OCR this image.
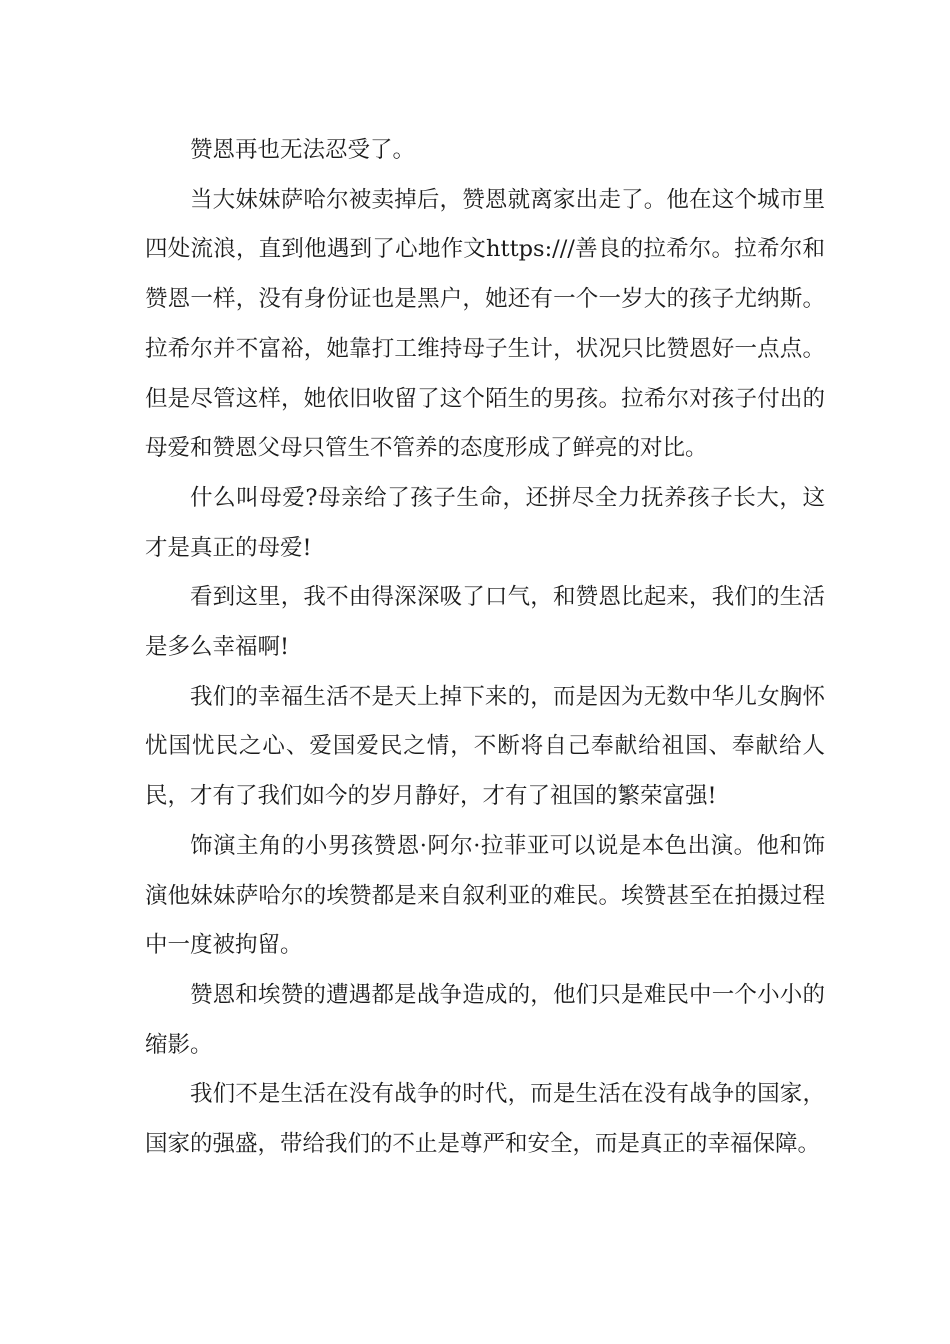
赞恩再也无法忍受了。

当大妹妹萨哈尔被卖掉后，赞恩就离家出走了。他在这个城市里四处流浪，直到他遇到了心地作文https:///善良的拉希尔。拉希尔和赞恩一样，没有身份证也是黑户，她还有一个一岁大的孩子尤纳斯。拉希尔并不富裕，她靠打工维持母子生计，状况只比赞恩好一点点。但是尽管这样，她依旧收留了这个陌生的男孩。拉希尔对孩子付出的母爱和赞恩父母只管生不管养的态度形成了鲜亮的对比。

什么叫母爱?母亲给了孩子生命，还拼尽全力抚养孩子长大，这才是真正的母爱!

看到这里，我不由得深深吸了口气，和赞恩比起来，我们的生活是多么幸福啊!

我们的幸福生活不是天上掉下来的，而是因为无数中华儿女胸怀忧国忧民之心、爱国爱民之情，不断将自己奉献给祖国、奉献给人民，才有了我们如今的岁月静好，才有了祖国的繁荣富强!

饰演主角的小男孩赞恩·阿尔·拉菲亚可以说是本色出演。他和饰演他妹妹萨哈尔的埃赞都是来自叙利亚的难民。埃赞甚至在拍摄过程中一度被拘留。

赞恩和埃赞的遭遇都是战争造成的，他们只是难民中一个小小的缩影。

我们不是生活在没有战争的时代，而是生活在没有战争的国家，国家的强盛，带给我们的不止是尊严和安全，而是真正的幸福保障。
